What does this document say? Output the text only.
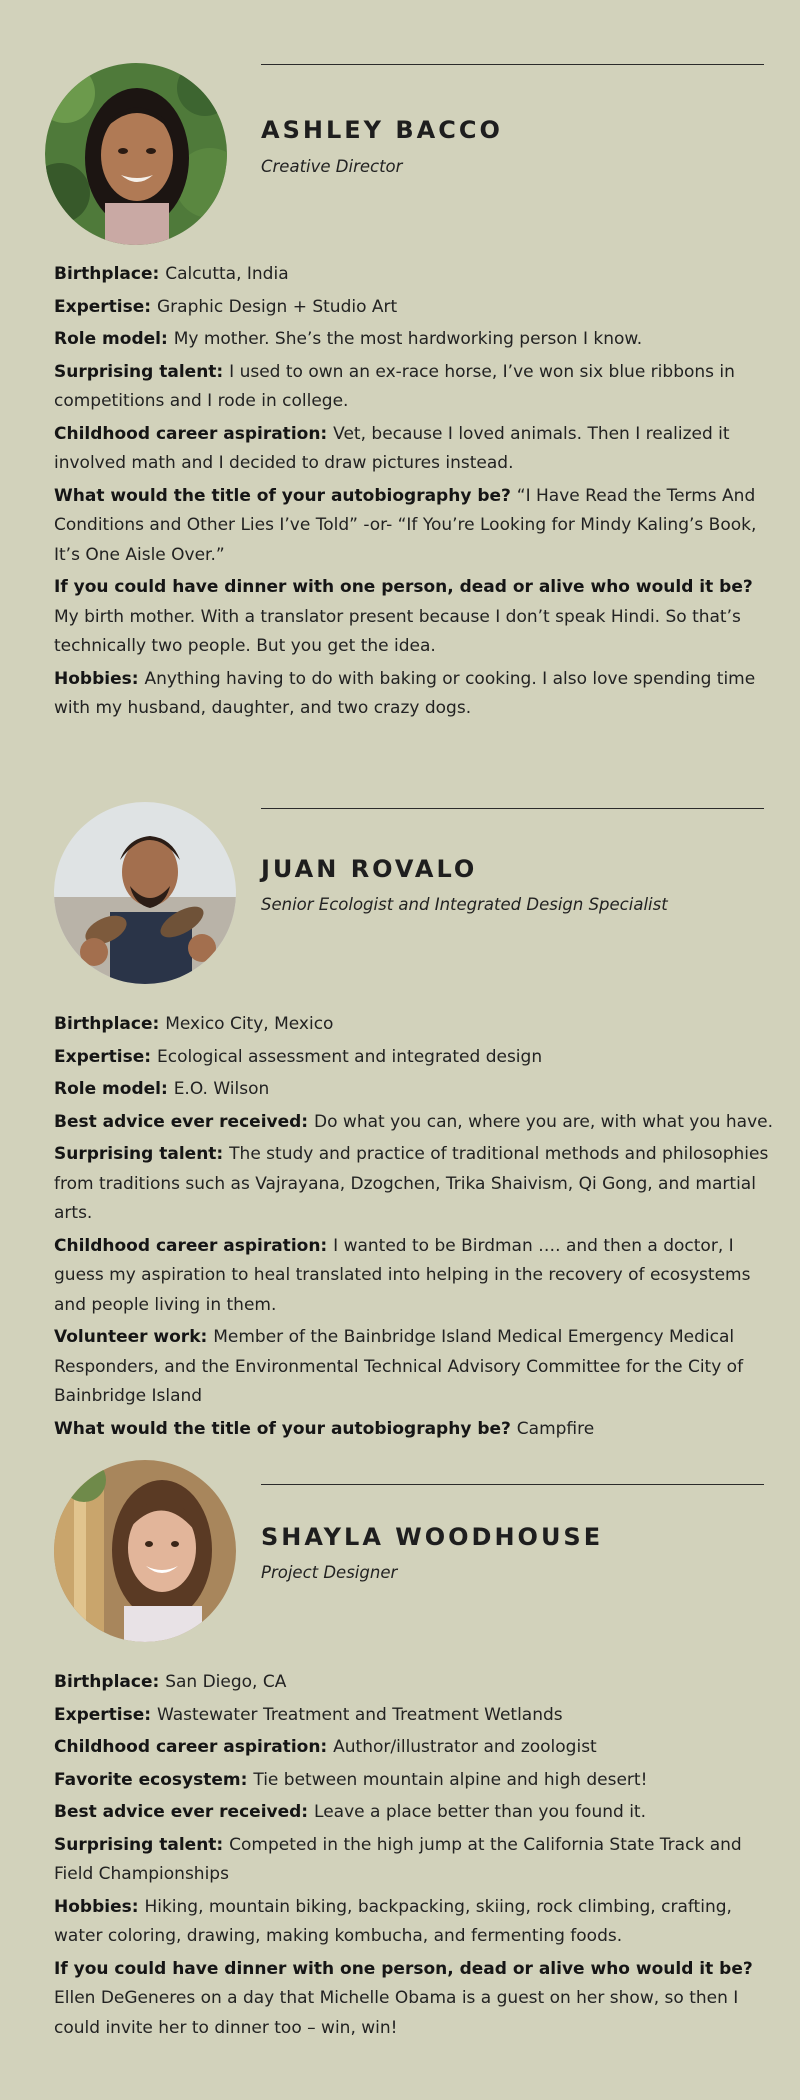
ASHLEY BACCO
Creative Director

Birthplace: Calcutta, India

Expertise: Graphic Design + Studio Art

Role model: My mother. She’s the most hardworking person I know.

Surprising talent: I used to own an ex-race horse, I’ve won six blue ribbons in competitions and I rode in college.

Childhood career aspiration: Vet, because I loved animals. Then I realized it involved math and I decided to draw pictures instead.

What would the title of your autobiography be? “I Have Read the Terms And Conditions and Other Lies I’ve Told” -or- “If You’re Looking for Mindy Kaling’s Book, It’s One Aisle Over.”

If you could have dinner with one person, dead or alive who would it be?My birth mother. With a translator present because I don’t speak Hindi. So that’s technically two people. But you get the idea.

Hobbies: Anything having to do with baking or cooking. I also love spending time with my husband, daughter, and two crazy dogs.

JUAN ROVALO
Senior Ecologist and Integrated Design Specialist

Birthplace: Mexico City, Mexico

Expertise: Ecological assessment and integrated design

Role model: E.O. Wilson

Best advice ever received: Do what you can, where you are, with what you have.

Surprising talent: The study and practice of traditional methods and philosophies from traditions such as Vajrayana, Dzogchen, Trika Shaivism, Qi Gong, and martial arts.

Childhood career aspiration: I wanted to be Birdman …. and then a doctor, I guess my aspiration to heal translated into helping in the recovery of ecosystems and people living in them.

Volunteer work: Member of the Bainbridge Island Medical Emergency Medical Responders, and the Environmental Technical Advisory Committee for the City of Bainbridge Island

What would the title of your autobiography be? Campfire

SHAYLA WOODHOUSE
Project Designer

Birthplace: San Diego, CA

Expertise: Wastewater Treatment and Treatment Wetlands

Childhood career aspiration: Author/illustrator and zoologist

Favorite ecosystem: Tie between mountain alpine and high desert!

Best advice ever received: Leave a place better than you found it.

Surprising talent: Competed in the high jump at the California State Track and Field Championships

Hobbies: Hiking, mountain biking, backpacking, skiing, rock climbing, crafting, water coloring, drawing, making kombucha, and fermenting foods.

If you could have dinner with one person, dead or alive who would it be?Ellen DeGeneres on a day that Michelle Obama is a guest on her show, so then I could invite her to dinner too – win, win!
